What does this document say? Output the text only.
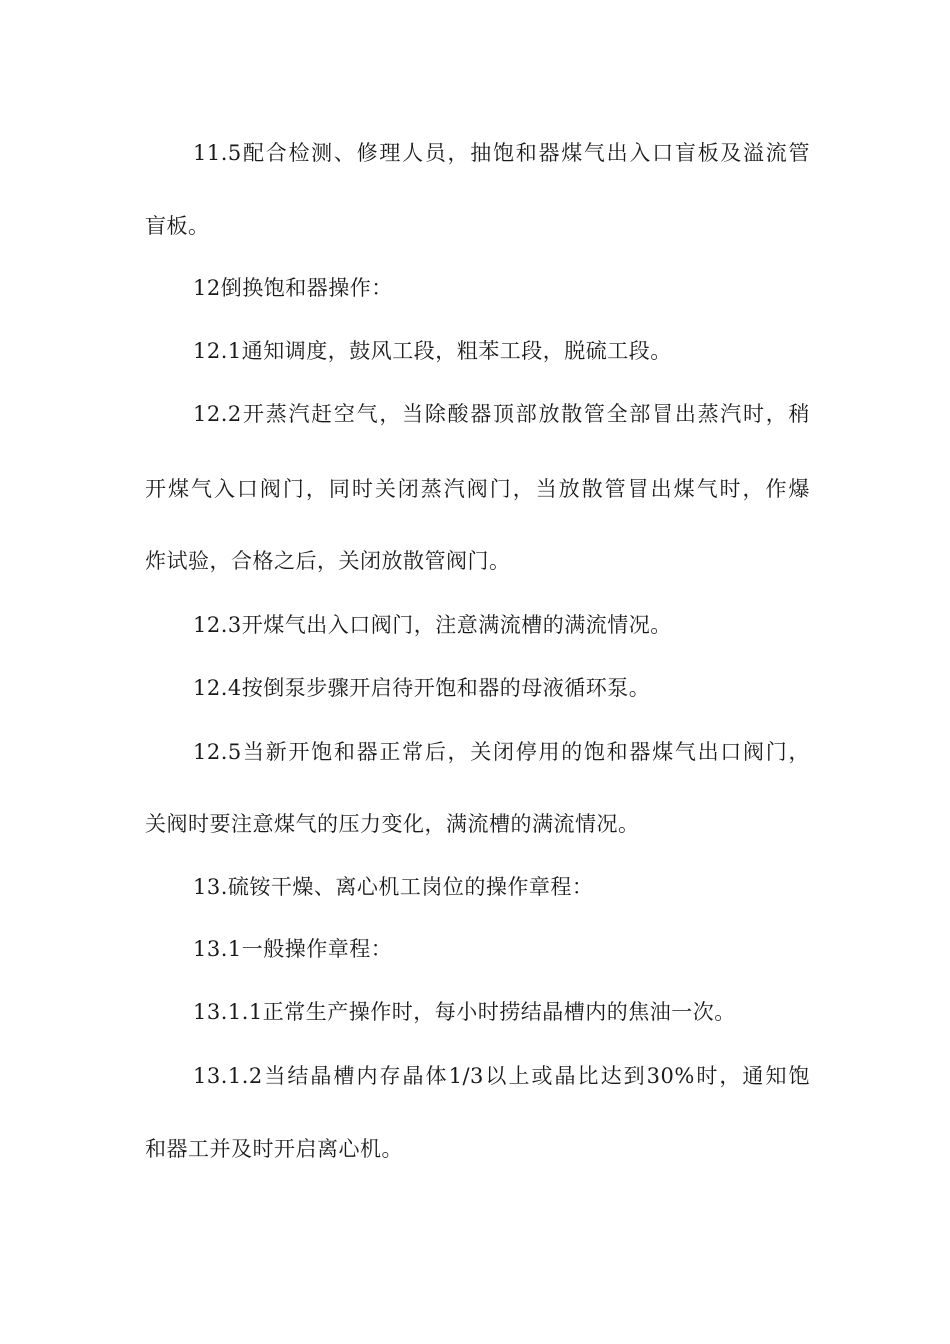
11.5配合检测、修理人员，抽饱和器煤气出入口盲板及溢流管
盲板。
12倒换饱和器操作：
12.1通知调度，鼓风工段，粗苯工段，脱硫工段。
12.2开蒸汽赶空气，当除酸器顶部放散管全部冒出蒸汽时，稍
开煤气入口阀门，同时关闭蒸汽阀门，当放散管冒出煤气时，作爆
炸试验，合格之后，关闭放散管阀门。
12.3开煤气出入口阀门，注意满流槽的满流情况。
12.4按倒泵步骤开启待开饱和器的母液循环泵。
12.5当新开饱和器正常后，关闭停用的饱和器煤气出口阀门，
关阀时要注意煤气的压力变化，满流槽的满流情况。
13.硫铵干燥、离心机工岗位的操作章程：
13.1一般操作章程：
13.1.1正常生产操作时，每小时捞结晶槽内的焦油一次。
13.1.2当结晶槽内存晶体1/3以上或晶比达到30%时，通知饱
和器工并及时开启离心机。
